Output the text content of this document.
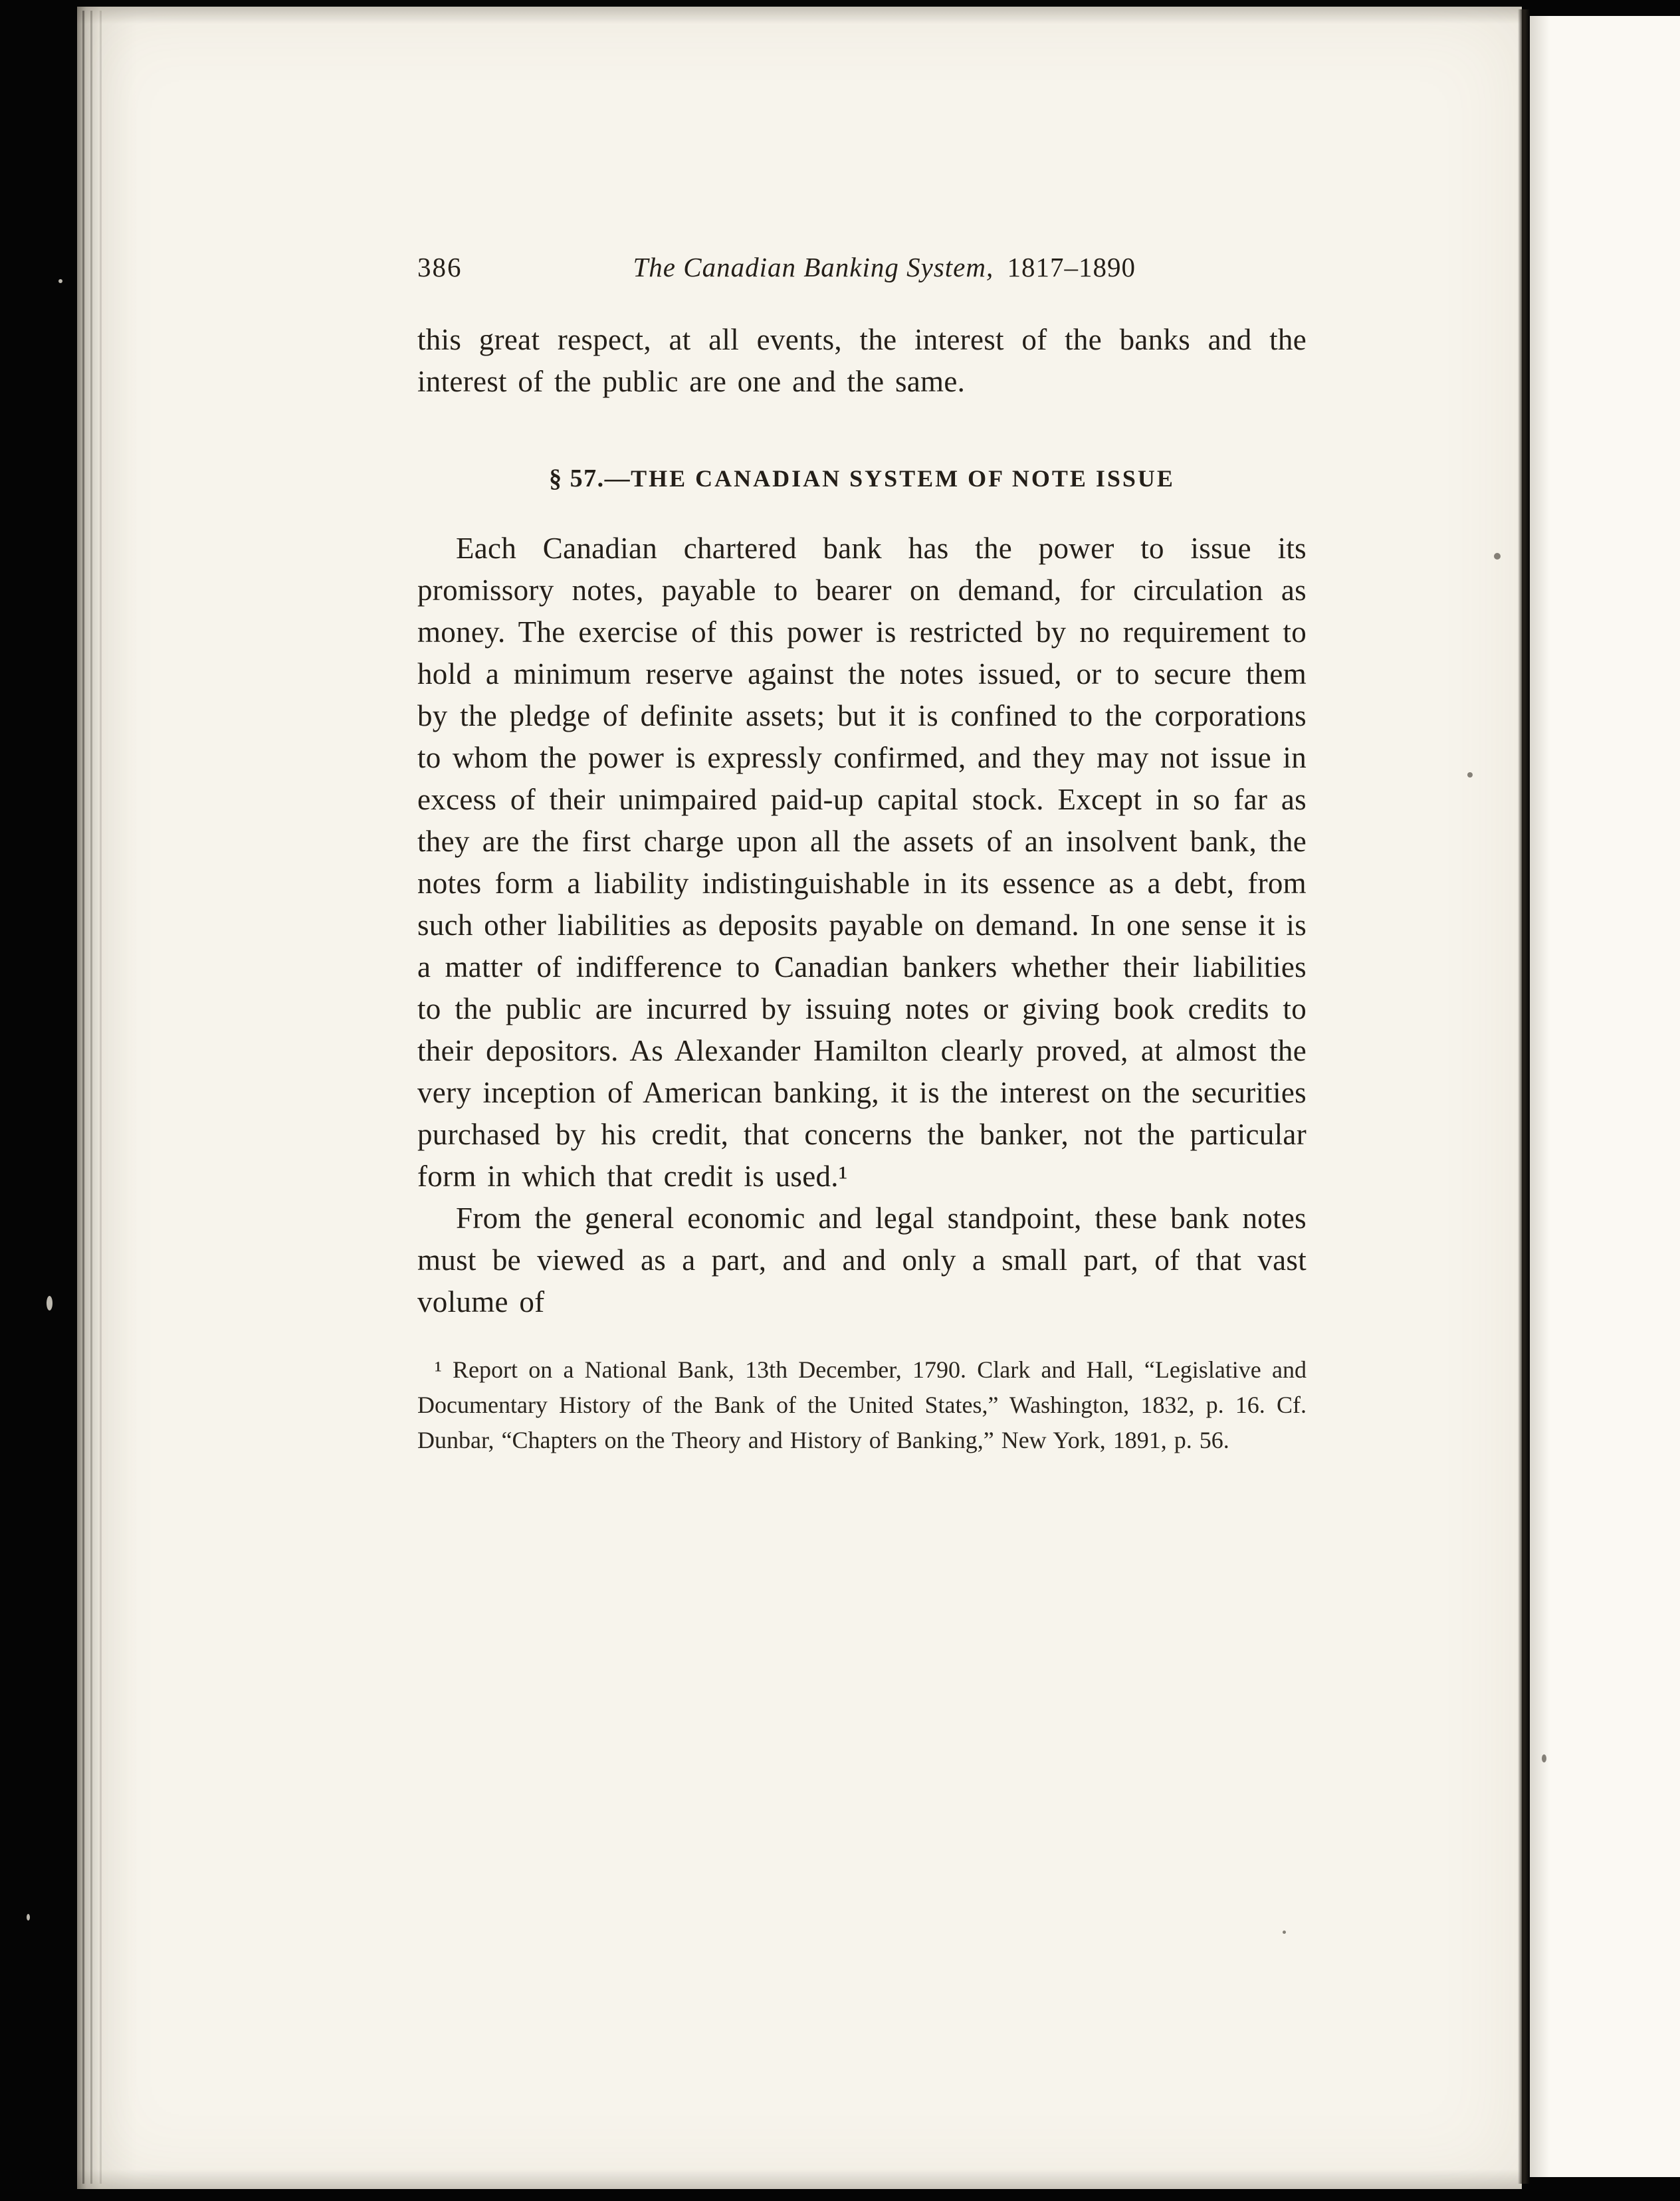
386	The Canadian Banking System, 1817–1890

this great respect, at all events, the interest of the banks and the interest of the public are one and the same.

§ 57.—THE CANADIAN SYSTEM OF NOTE ISSUE

Each Canadian chartered bank has the power to issue its promissory notes, payable to bearer on demand, for circulation as money. The exercise of this power is restricted by no requirement to hold a minimum reserve against the notes issued, or to secure them by the pledge of definite assets; but it is confined to the corporations to whom the power is expressly confirmed, and they may not issue in excess of their unimpaired paid-up capital stock. Except in so far as they are the first charge upon all the assets of an insolvent bank, the notes form a liability indistinguishable in its essence as a debt, from such other liabilities as deposits payable on demand. In one sense it is a matter of indifference to Canadian bankers whether their liabilities to the public are incurred by issuing notes or giving book credits to their depositors. As Alexander Hamilton clearly proved, at almost the very inception of American banking, it is the interest on the securities purchased by his credit, that concerns the banker, not the particular form in which that credit is used.¹

From the general economic and legal standpoint, these bank notes must be viewed as a part, and and only a small part, of that vast volume of

¹ Report on a National Bank, 13th December, 1790. Clark and Hall, “Legislative and Documentary History of the Bank of the United States,” Washington, 1832, p. 16. Cf. Dunbar, “Chapters on the Theory and History of Banking,” New York, 1891, p. 56.
